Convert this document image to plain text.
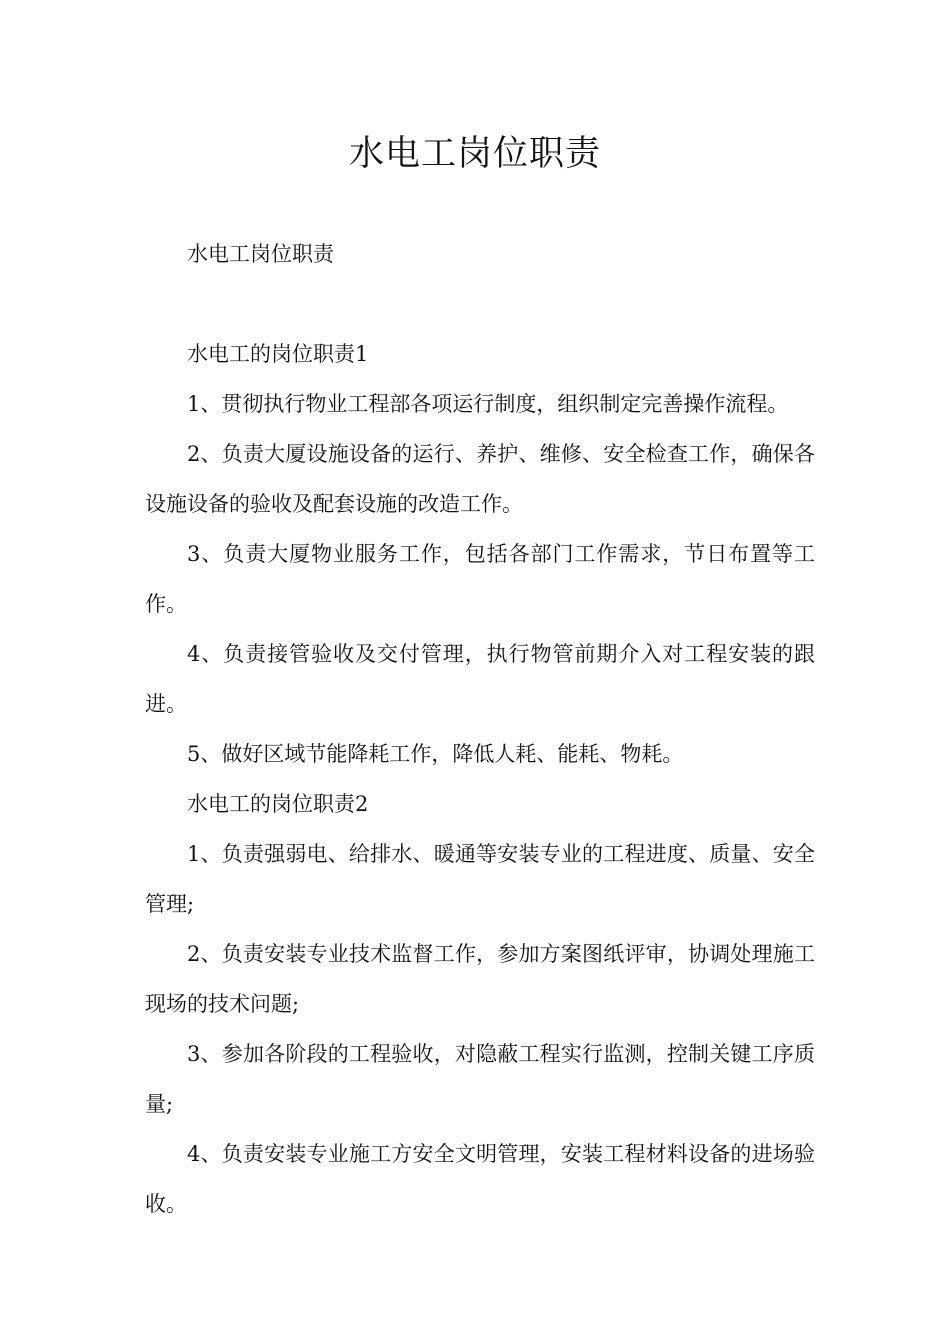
水电工岗位职责

水电工岗位职责

水电工的岗位职责1

1、贯彻执行物业工程部各项运行制度，组织制定完善操作流程。

2、负责大厦设施设备的运行、养护、维修、安全检查工作，确保各设施设备的验收及配套设施的改造工作。

3、负责大厦物业服务工作，包括各部门工作需求，节日布置等工作。

4、负责接管验收及交付管理，执行物管前期介入对工程安装的跟进。

5、做好区域节能降耗工作，降低人耗、能耗、物耗。

水电工的岗位职责2

1、负责强弱电、给排水、暖通等安装专业的工程进度、质量、安全管理;

2、负责安装专业技术监督工作，参加方案图纸评审，协调处理施工现场的技术问题;

3、参加各阶段的工程验收，对隐蔽工程实行监测，控制关键工序质量;

4、负责安装专业施工方安全文明管理，安装工程材料设备的进场验收。
